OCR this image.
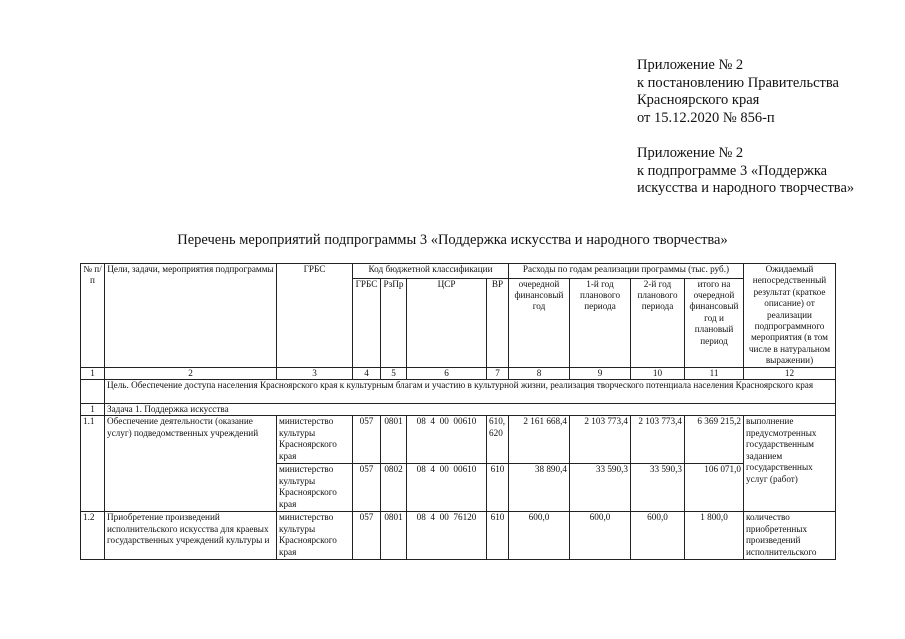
Приложение № 2
к постановлению Правительства
Красноярского края
от 15.12.2020 № 856-п
Приложение № 2
к подпрограмме 3 «Поддержка
искусства и народного творчества»
Перечень мероприятий подпрограммы 3 «Поддержка искусства и народного творчества»
№ п/п	Цели, задачи, мероприятия подпрограммы	ГРБС	Код бюджетной классификации				Расходы по годам реализации программы (тыс. руб.)				Ожидаемый непосредственный результат (краткое описание) от реализации подпрограммного мероприятия (в том числе в натуральном выражении)
			ГРБС	РзПр	ЦСР	ВР	очередной финансовый год	1-й год планового периода	2-й год планового периода	итого на очередной финансовый год и плановый период	
1	2	3	4	5	6	7	8	9	10	11	12
	Цель. Обеспечение доступа населения Красноярского края к культурным благам и участию в культурной жизни, реализация творческого потенциала населения Красноярского края										
1	Задача 1. Поддержка искусства										
1.1	Обеспечение деятельности (оказание услуг) подведомственных учреждений	министерство культуры Красноярского края	057	0801	08  4  00  00610	610, 620	2 161 668,4	2 103 773,4	2 103 773,4	6 369 215,2	выполнение предусмотренных государственным заданием государственных услуг (работ)
		министерство культуры Красноярского края	057	0802	08  4  00  00610	610	38 890,4	33 590,3	33 590,3	106 071,0	
1.2	Приобретение произведений исполнительского искусства для краевых государственных учреждений культуры и	министерство культуры Красноярского края	057	0801	08  4  00  76120	610	600,0	600,0	600,0	1 800,0	количество приобретенных произведений исполнительского
